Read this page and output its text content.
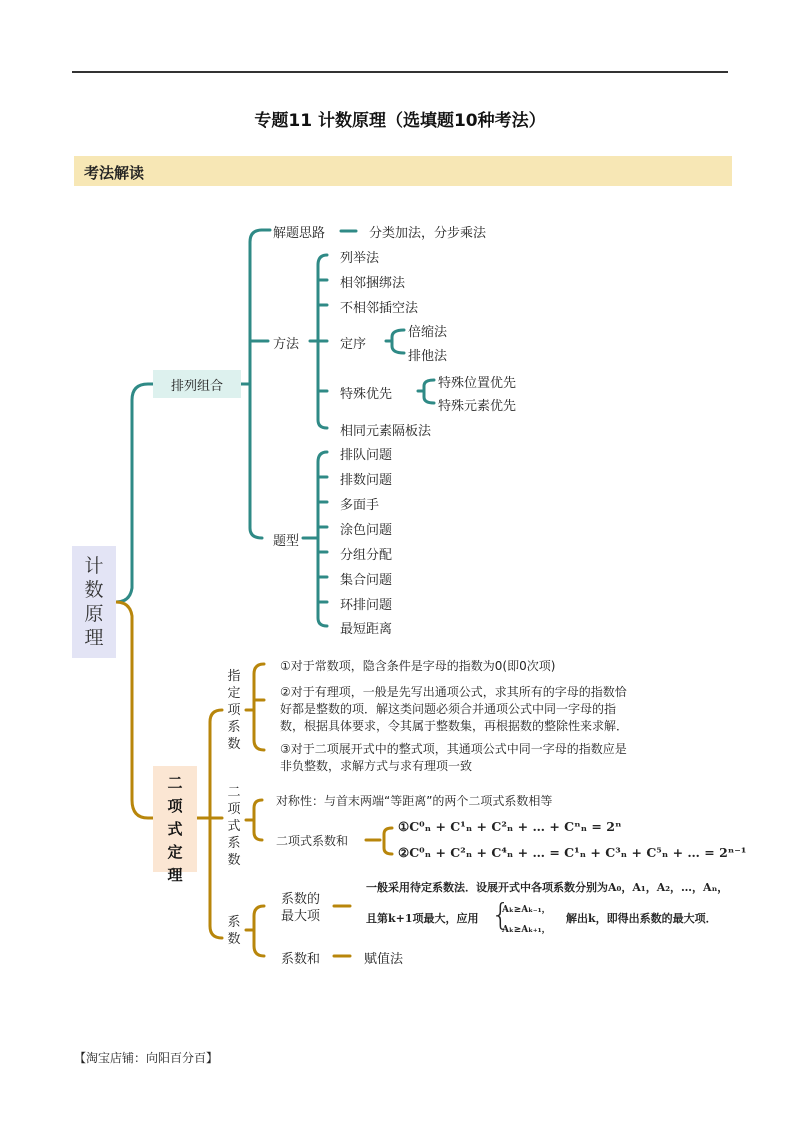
专题11 计数原理（选填题10种考法）
考法解读
计数原理
排列组合
解题思路	分类加法，分步乘法
方法
列举法
相邻捆绑法
不相邻插空法
定序
特殊优先
相同元素隔板法
倍缩法
排他法
特殊位置优先
特殊元素优先
题型
排队问题
排数问题
多面手
涂色问题
分组分配
集合问题
环排问题
最短距离
二项式定理
指定项系数
①对于常数项，隐含条件是字母的指数为0(即0次项)
②对于有理项，一般是先写出通项公式，求其所有的字母的指数恰
好都是整数的项．解这类问题必须合并通项公式中同一字母的指
数，根据具体要求，令其属于整数集，再根据数的整除性来求解．
③对于二项展开式中的整式项，其通项公式中同一字母的指数应是
非负整数，求解方式与求有理项一致
二项式系数
对称性：与首末两端“等距离”的两个二项式系数相等
二项式系数和
①C⁰ₙ + C¹ₙ + C²ₙ + … + Cⁿₙ = 2ⁿ
②C⁰ₙ + C²ₙ + C⁴ₙ + … = C¹ₙ + C³ₙ + C⁵ₙ + … = 2ⁿ⁻¹
系数
系数的
最大项
一般采用待定系数法．设展开式中各项系数分别为A₀，A₁，A₂，…，Aₙ，
且第k+1项最大，应用 {
Aₖ≥Aₖ₋₁，
Aₖ≥Aₖ₊₁，
解出k，即得出系数的最大项．
系数和	赋值法
【淘宝店铺：向阳百分百】
